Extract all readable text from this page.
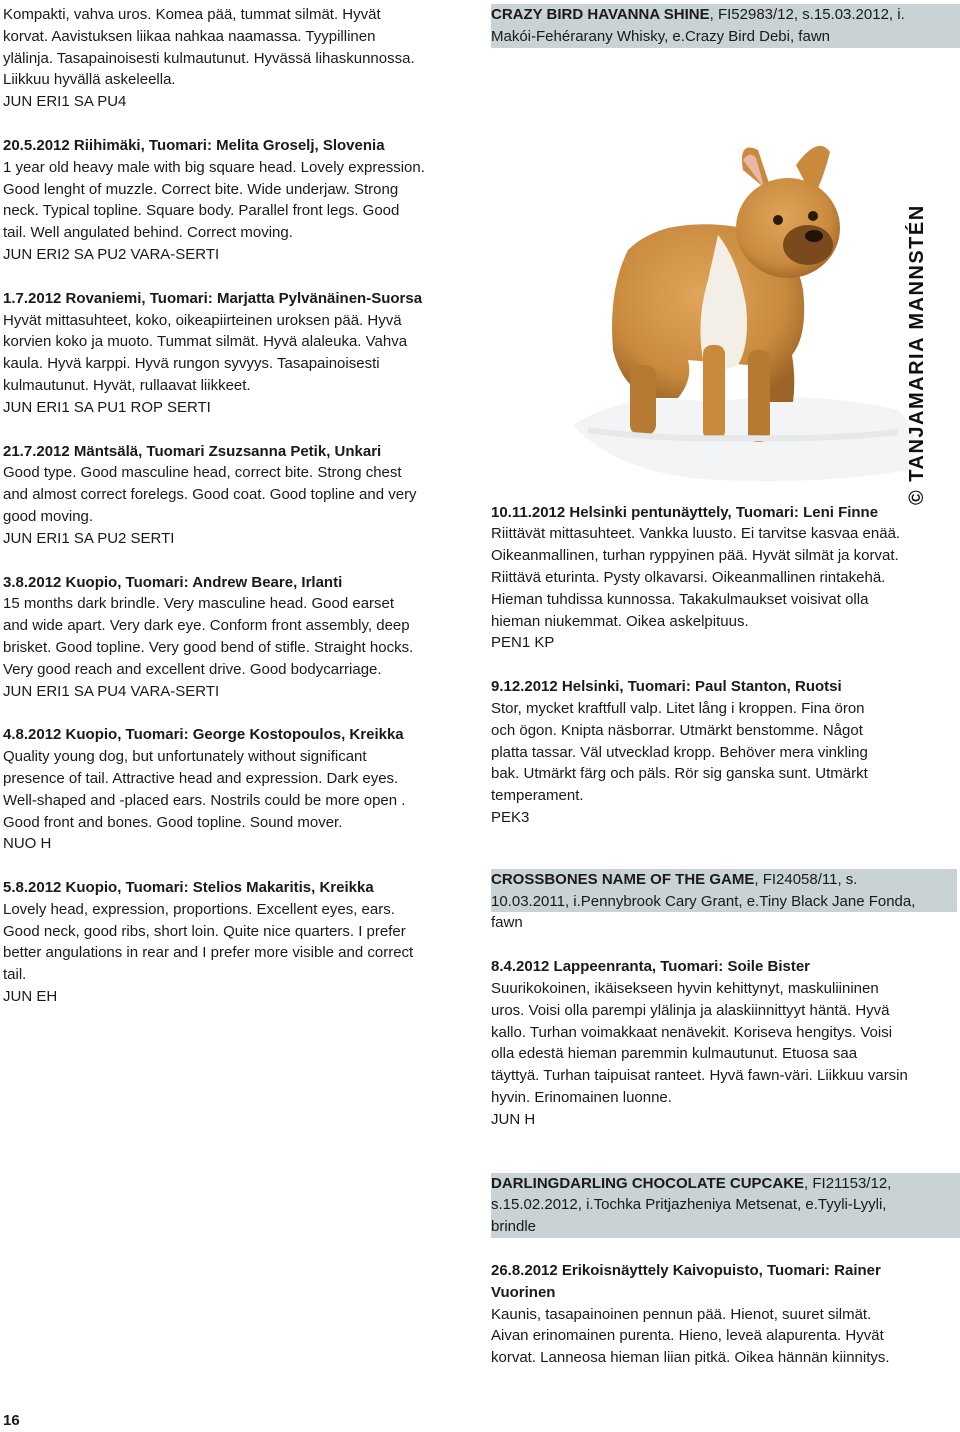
Kompakti, vahva uros. Komea pää, tummat silmät. Hyvät

korvat. Aavistuksen liikaa nahkaa naamassa. Tyypillinen

ylälinja. Tasapainoisesti kulmautunut. Hyvässä lihaskunnossa.

Liikkuu hyvällä askeleella.

JUN ERI1 SA PU4

20.5.2012 Riihimäki, Tuomari: Melita Groselj, Slovenia

1 year old heavy male with big square head. Lovely expression.

Good lenght of muzzle. Correct bite. Wide underjaw. Strong

neck. Typical topline. Square body. Parallel front legs. Good

tail. Well angulated behind. Correct moving.

JUN ERI2 SA PU2 VARA-SERTI

1.7.2012 Rovaniemi, Tuomari: Marjatta Pylvänäinen-Suorsa

Hyvät mittasuhteet, koko, oikeapiirteinen uroksen pää. Hyvä

korvien koko ja muoto. Tummat silmät. Hyvä alaleuka. Vahva

kaula. Hyvä karppi. Hyvä rungon syvyys. Tasapainoisesti

kulmautunut. Hyvät, rullaavat liikkeet.

JUN ERI1 SA PU1 ROP SERTI

21.7.2012 Mäntsälä, Tuomari Zsuzsanna Petik, Unkari

Good type. Good masculine head, correct bite. Strong chest

and almost correct forelegs. Good coat. Good topline and very

good moving.

JUN ERI1 SA PU2 SERTI

3.8.2012 Kuopio, Tuomari: Andrew Beare, Irlanti

15 months dark brindle. Very masculine head. Good earset

and wide apart. Very dark eye. Conform front assembly, deep

brisket. Good topline. Very good bend of stifle. Straight hocks.

Very good reach and excellent drive. Good bodycarriage.

JUN ERI1 SA PU4 VARA-SERTI

4.8.2012 Kuopio, Tuomari: George Kostopoulos, Kreikka

Quality young dog, but unfortunately without significant

presence of tail. Attractive head and expression. Dark eyes.

Well-shaped and -placed ears. Nostrils could be more open .

Good front and bones. Good topline. Sound mover.

NUO H

5.8.2012 Kuopio, Tuomari: Stelios Makaritis, Kreikka

Lovely head, expression, proportions. Excellent eyes, ears.

Good neck, good ribs, short loin. Quite nice quarters. I prefer

better angulations in rear and I prefer more visible and correct

tail.

JUN EH

CRAZY BIRD HAVANNA SHINE, FI52983/12, s.15.03.2012, i.
Makói-Fehérarany Whisky, e.Crazy Bird Debi, fawn

10.11.2012 Helsinki pentunäyttely, Tuomari: Leni Finne

Riittävät mittasuhteet. Vankka luusto. Ei tarvitse kasvaa enää.

Oikeanmallinen, turhan ryppyinen pää. Hyvät silmät ja korvat.

Riittävä eturinta. Pysty olkavarsi. Oikeanmallinen rintakehä.

Hieman tuhdissa kunnossa. Takakulmaukset voisivat olla

hieman niukemmat. Oikea askelpituus.

PEN1 KP

9.12.2012 Helsinki, Tuomari: Paul Stanton, Ruotsi

Stor, mycket kraftfull valp. Litet lång i kroppen. Fina öron

och ögon. Knipta näsborrar. Utmärkt benstomme. Något

platta tassar. Väl utvecklad kropp. Behöver mera vinkling

bak. Utmärkt färg och päls. Rör sig ganska sunt. Utmärkt

temperament.

PEK3

CROSSBONES NAME OF THE GAME, FI24058/11, s.
10.03.2011, i.Pennybrook Cary Grant, e.Tiny Black Jane Fonda,
fawn

8.4.2012 Lappeenranta, Tuomari: Soile Bister

Suurikokoinen, ikäisekseen hyvin kehittynyt, maskuliininen

uros. Voisi olla parempi ylälinja ja alaskiinnittyyt häntä. Hyvä

kallo. Turhan voimakkaat nenävekit. Koriseva hengitys. Voisi

olla edestä hieman paremmin kulmautunut. Etuosa saa

täyttyä. Turhan taipuisat ranteet. Hyvä fawn-väri. Liikkuu varsin

hyvin. Erinomainen luonne.

JUN H

DARLINGDARLING CHOCOLATE CUPCAKE, FI21153/12,
s.15.02.2012, i.Tochka Pritjazheniya Metsenat, e.Tyyli-Lyyli,
brindle

26.8.2012 Erikoisnäyttely Kaivopuisto, Tuomari: Rainer

Vuorinen

Kaunis, tasapainoinen pennun pää. Hienot, suuret silmät.

Aivan erinomainen purenta. Hieno, leveä alapurenta. Hyvät

korvat. Lanneosa hieman liian pitkä. Oikea hännän kiinnitys.

© TANJAMARIA MANNSTÉN
16
